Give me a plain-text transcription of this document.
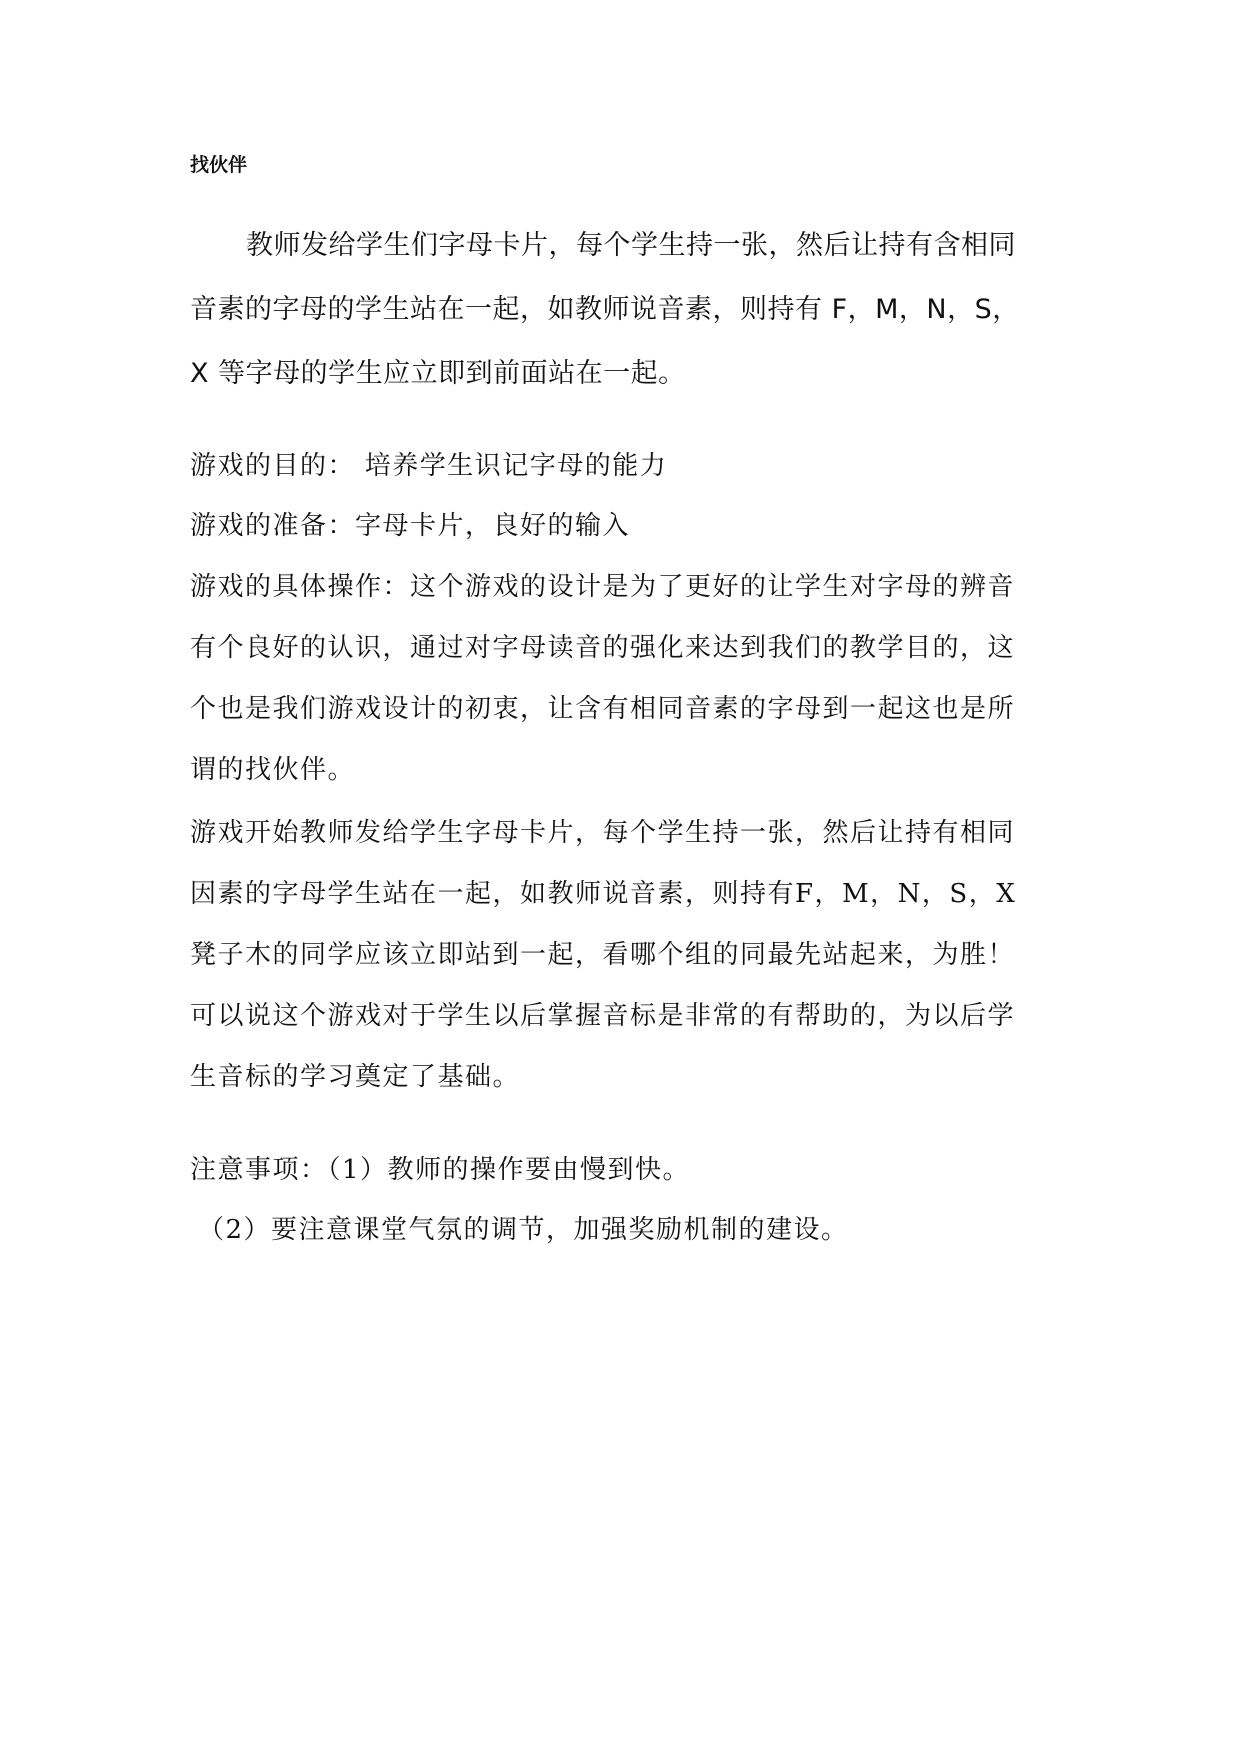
找伙伴
教师发给学生们字母卡片，每个学生持一张，然后让持有含相同
音素的字母的学生站在一起，如教师说音素，则持有 F，M，N，S，
X 等字母的学生应立即到前面站在一起。
游戏的目的： 培养学生识记字母的能力
游戏的准备：字母卡片，良好的输入
游戏的具体操作：这个游戏的设计是为了更好的让学生对字母的辨音
有个良好的认识，通过对字母读音的强化来达到我们的教学目的，这
个也是我们游戏设计的初衷，让含有相同音素的字母到一起这也是所
谓的找伙伴。
游戏开始教师发给学生字母卡片，每个学生持一张，然后让持有相同
因素的字母学生站在一起，如教师说音素，则持有F，M，N，S，X
凳子木的同学应该立即站到一起，看哪个组的同最先站起来，为胜！
可以说这个游戏对于学生以后掌握音标是非常的有帮助的，为以后学
生音标的学习奠定了基础。
注意事项：（1）教师的操作要由慢到快。
（2）要注意课堂气氛的调节，加强奖励机制的建设。
